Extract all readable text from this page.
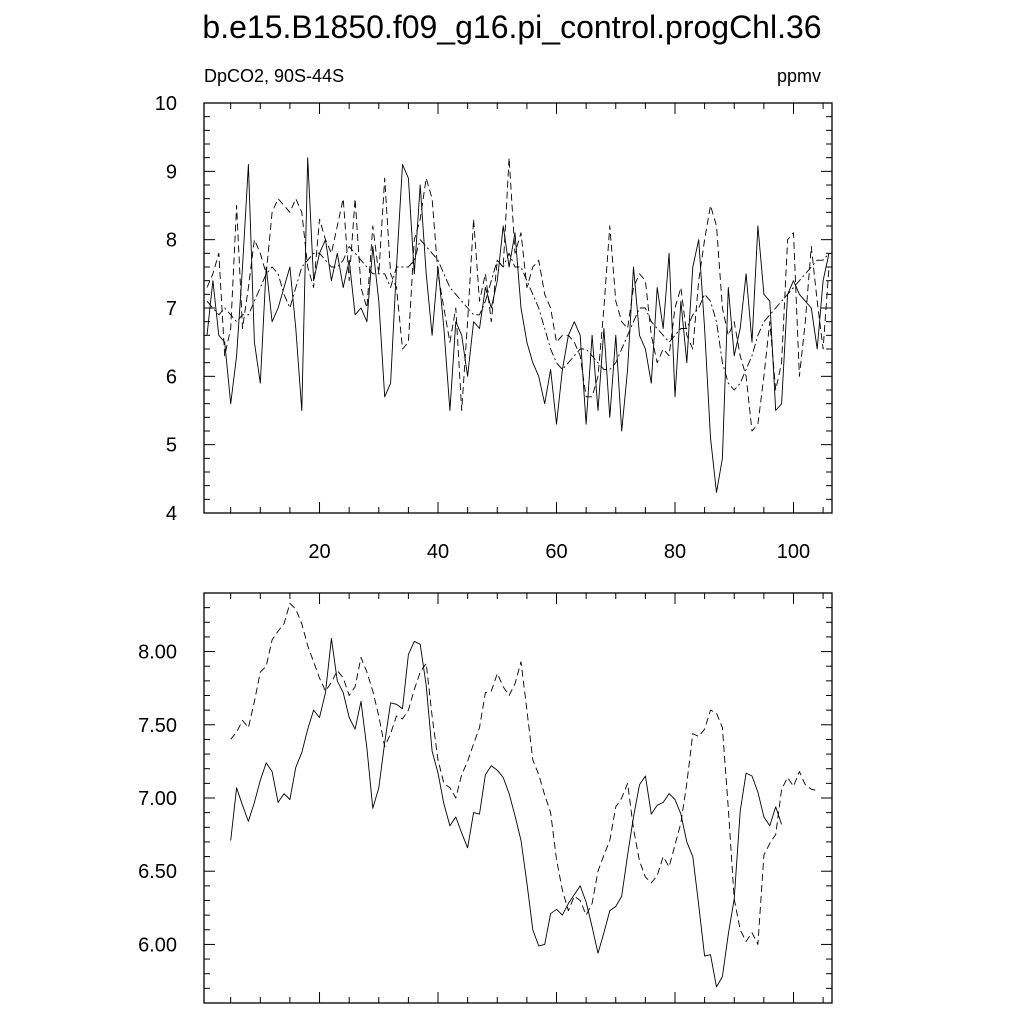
b.e15.B1850.f09_g16.pi_control.progChl.36
DpCO2, 90S-44S	ppmv
4
5
6
7
8
9
10
20	40	60	80	100
6.00
6.50
7.00
7.50
8.00
